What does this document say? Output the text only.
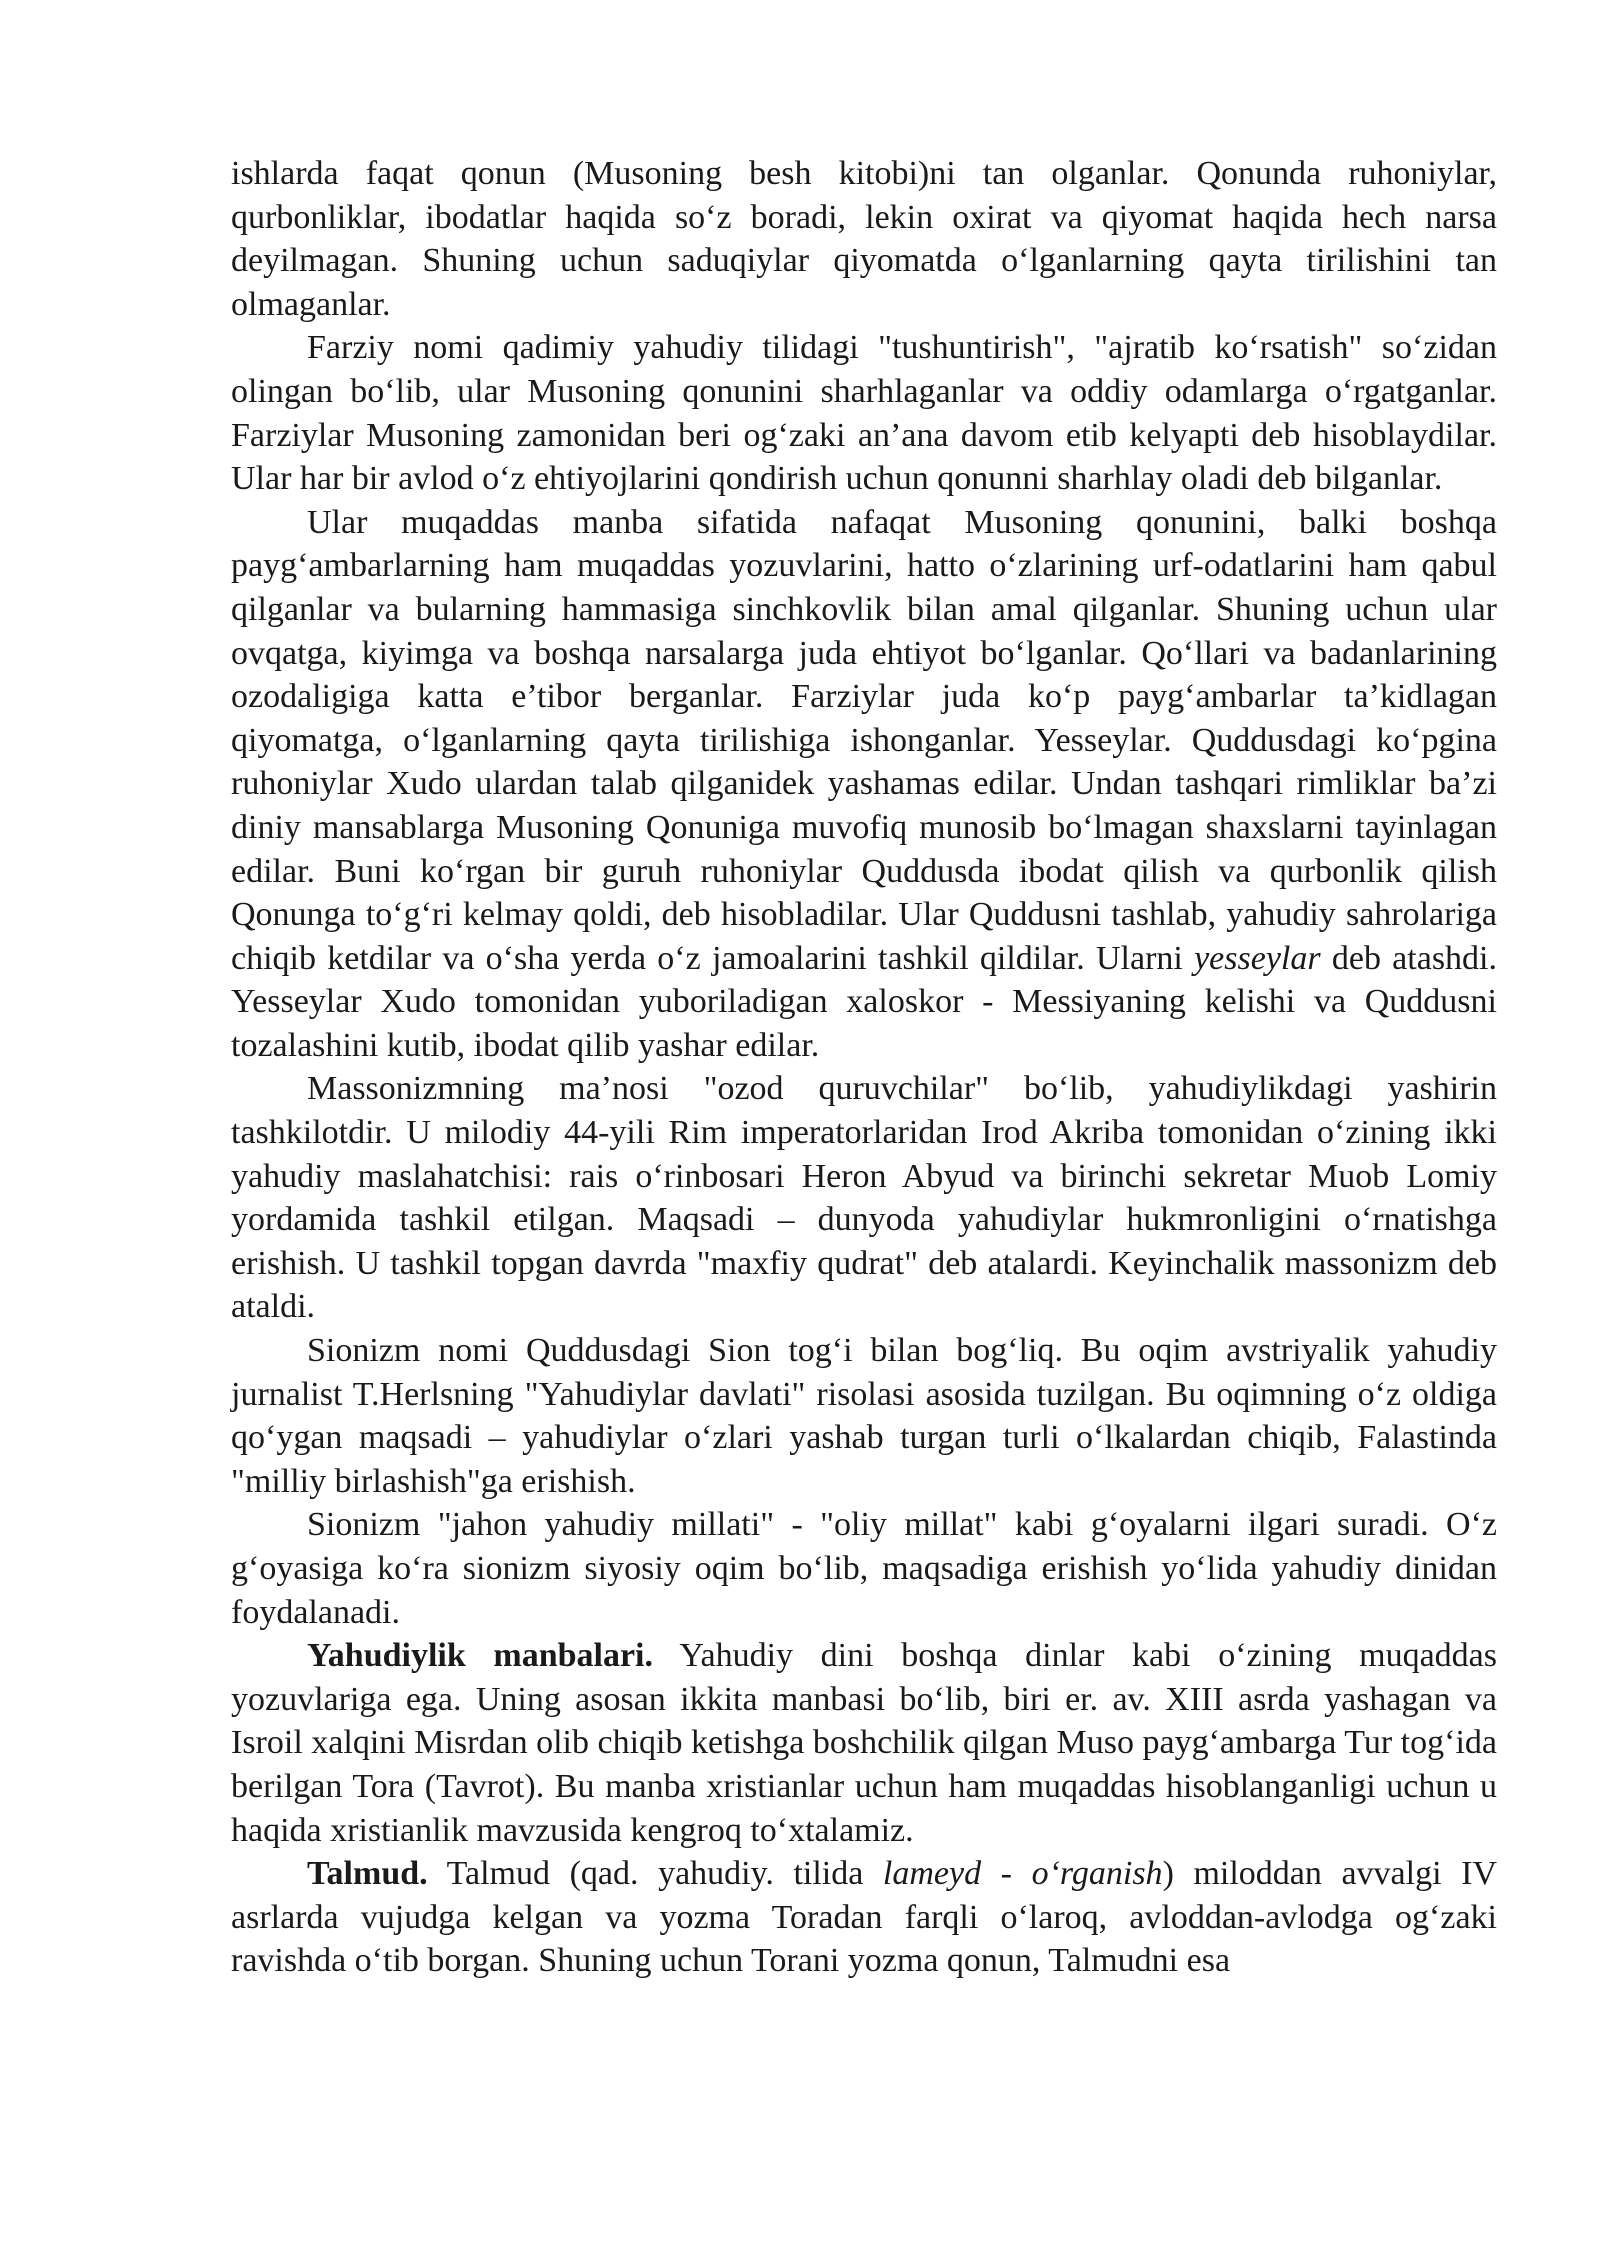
ishlarda faqat qonun (Musoning besh kitobi)ni tan olganlar. Qonunda ruhoniylar, qurbonliklar, ibodatlar haqida so‘z boradi, lekin oxirat va qiyomat haqida hech narsa deyilmagan. Shuning uchun saduqiylar qiyomatda o‘lganlarning qayta tirilishini tan olmaganlar.

Farziy nomi qadimiy yahudiy tilidagi "tushuntirish", "ajratib ko‘rsatish" so‘zidan olingan bo‘lib, ular Musoning qonunini sharhlaganlar va oddiy odamlarga o‘rgatganlar. Farziylar Musoning zamonidan beri og‘zaki an’ana davom etib kelyapti deb hisoblaydilar. Ular har bir avlod o‘z ehtiyojlarini qondirish uchun qonunni sharhlay oladi deb bilganlar.

Ular muqaddas manba sifatida nafaqat Musoning qonunini, balki boshqa payg‘ambarlarning ham muqaddas yozuvlarini, hatto o‘zlarining urf-odatlarini ham qabul qilganlar va bularning hammasiga sinchkovlik bilan amal qilganlar. Shuning uchun ular ovqatga, kiyimga va boshqa narsalarga juda ehtiyot bo‘lganlar. Qo‘llari va badanlarining ozodaligiga katta e’tibor berganlar. Farziylar juda ko‘p payg‘ambarlar ta’kidlagan qiyomatga, o‘lganlarning qayta tirilishiga ishonganlar. Yesseylar. Quddusdagi ko‘pgina ruhoniylar Xudo ulardan talab qilganidek yashamas edilar. Undan tashqari rimliklar ba’zi diniy mansablarga Musoning Qonuniga muvofiq munosib bo‘lmagan shaxslarni tayinlagan edilar. Buni ko‘rgan bir guruh ruhoniylar Quddusda ibodat qilish va qurbonlik qilish Qonunga to‘g‘ri kelmay qoldi, deb hisobladilar. Ular Quddusni tashlab, yahudiy sahrolariga chiqib ketdilar va o‘sha yerda o‘z jamoalarini tashkil qildilar. Ularni yesseylar deb atashdi. Yesseylar Xudo tomonidan yuboriladigan xaloskor - Messiyaning kelishi va Quddusni tozalashini kutib, ibodat qilib yashar edilar.

Massonizmning ma’nosi "ozod quruvchilar" bo‘lib, yahudiylikdagi yashirin tashkilotdir. U milodiy 44-yili Rim imperatorlaridan Irod Akriba tomonidan o‘zining ikki yahudiy maslahatchisi: rais o‘rinbosari Heron Abyud va birinchi sekretar Muob Lomiy yordamida tashkil etilgan. Maqsadi – dunyoda yahudiylar hukmronligini o‘rnatishga erishish. U tashkil topgan davrda "maxfiy qudrat" deb atalardi. Keyinchalik massonizm deb ataldi.

Sionizm nomi Quddusdagi Sion tog‘i bilan bog‘liq. Bu oqim avstriyalik yahudiy jurnalist T.Herlsning "Yahudiylar davlati" risolasi asosida tuzilgan. Bu oqimning o‘z oldiga qo‘ygan maqsadi – yahudiylar o‘zlari yashab turgan turli o‘lkalardan chiqib, Falastinda "milliy birlashish"ga erishish.

Sionizm "jahon yahudiy millati" - "oliy millat" kabi g‘oyalarni ilgari suradi. O‘z g‘oyasiga ko‘ra sionizm siyosiy oqim bo‘lib, maqsadiga erishish yo‘lida yahudiy dinidan foydalanadi.

Yahudiylik manbalari. Yahudiy dini boshqa dinlar kabi o‘zining muqaddas yozuvlariga ega. Uning asosan ikkita manbasi bo‘lib, biri er. av. XIII asrda yashagan va Isroil xalqini Misrdan olib chiqib ketishga boshchilik qilgan Muso payg‘ambarga Tur tog‘ida berilgan Tora (Tavrot). Bu manba xristianlar uchun ham muqaddas hisoblanganligi uchun u haqida xristianlik mavzusida kengroq to‘xtalamiz.

Talmud. Talmud (qad. yahudiy. tilida lameyd - o‘rganish) miloddan avvalgi IV asrlarda vujudga kelgan va yozma Toradan farqli o‘laroq, avloddan-avlodga og‘zaki ravishda o‘tib borgan. Shuning uchun Torani yozma qonun, Talmudni esa
